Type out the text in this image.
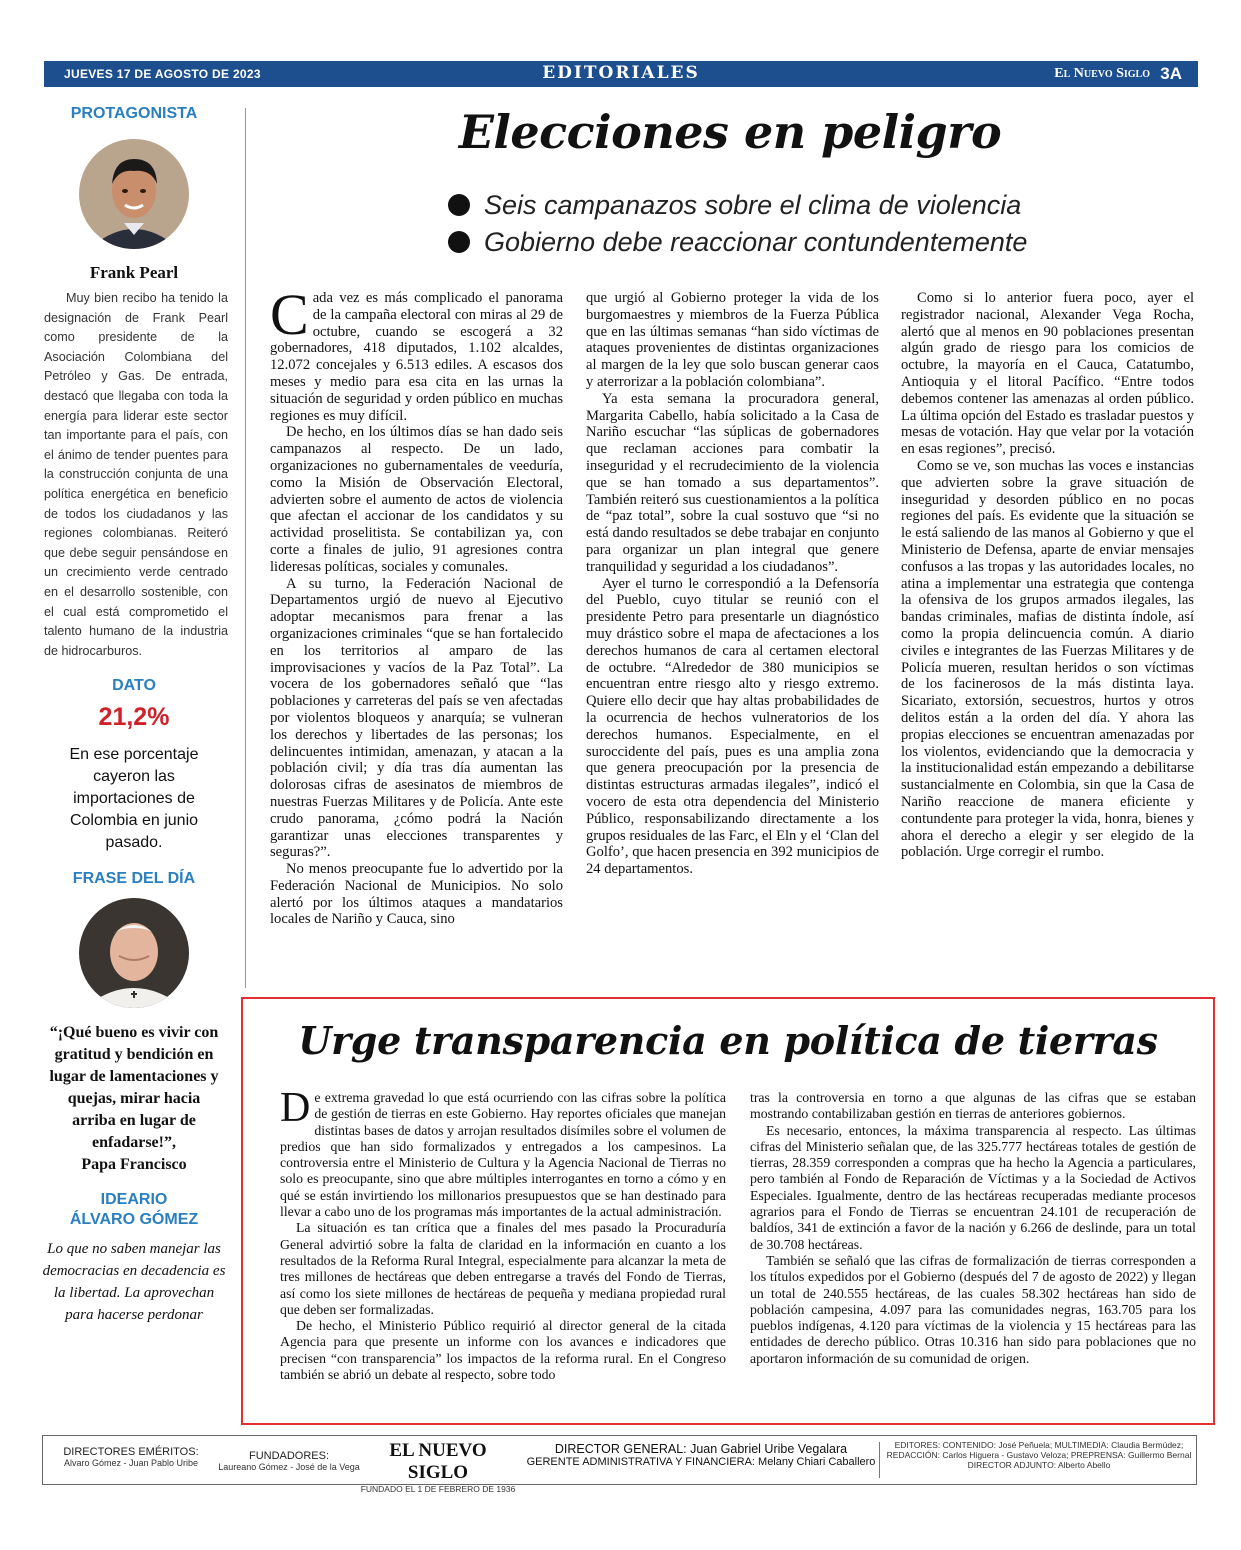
JUEVES 17 DE AGOSTO DE 2023	EDITORIALES	El Nuevo Siglo 3A
PROTAGONISTA
Frank Pearl
Muy bien recibo ha tenido la designación de Frank Pearl como presidente de la Asociación Colombiana del Petróleo y Gas. De entrada, destacó que llegaba con toda la energía para liderar este sector tan importante para el país, con el ánimo de tender puentes para la construcción conjunta de una política energética en beneficio de todos los ciudadanos y las regiones colombianas. Reiteró que debe seguir pensándose en un crecimiento verde centrado en el desarrollo sostenible, con el cual está comprometido el talento humano de la industria de hidrocarburos.
DATO
21,2%
En ese porcentaje cayeron las importaciones de Colombia en junio pasado.
FRASE DEL DÍA
“¡Qué bueno es vivir con gratitud y bendición en lugar de lamentaciones y quejas, mirar hacia arriba en lugar de enfadarse!”,
Papa Francisco
IDEARIO
ÁLVARO GÓMEZ
Lo que no saben manejar las democracias en decadencia es la libertad. La aprovechan para hacerse perdonar
Elecciones en peligro
Seis campanazos sobre el clima de violencia
Gobierno debe reaccionar contundentemente

Cada vez es más complicado el panorama de la campaña electoral con miras al 29 de octubre, cuando se escogerá a 32 gobernadores, 418 diputados, 1.102 alcaldes, 12.072 concejales y 6.513 ediles. A escasos dos meses y medio para esa cita en las urnas la situación de seguridad y orden público en muchas regiones es muy difícil.

De hecho, en los últimos días se han dado seis campanazos al respecto. De un lado, organizaciones no gubernamentales de veeduría, como la Misión de Observación Electoral, advierten sobre el aumento de actos de violencia que afectan el accionar de los candidatos y su actividad proselitista. Se contabilizan ya, con corte a finales de julio, 91 agresiones contra lideresas políticas, sociales y comunales.

A su turno, la Federación Nacional de Departamentos urgió de nuevo al Ejecutivo adoptar mecanismos para frenar a las organizaciones criminales “que se han fortalecido en los territorios al amparo de las improvisaciones y vacíos de la Paz Total”. La vocera de los gobernadores señaló que “las poblaciones y carreteras del país se ven afectadas por violentos bloqueos y anarquía; se vulneran los derechos y libertades de las personas; los delincuentes intimidan, amenazan, y atacan a la población civil; y día tras día aumentan las dolorosas cifras de asesinatos de miembros de nuestras Fuerzas Militares y de Policía. Ante este crudo panorama, ¿cómo podrá la Nación garantizar unas elecciones transparentes y seguras?”.

No menos preocupante fue lo advertido por la Federación Nacional de Municipios. No solo alertó por los últimos ataques a mandatarios locales de Nariño y Cauca, sino

que urgió al Gobierno proteger la vida de los burgomaestres y miembros de la Fuerza Pública que en las últimas semanas “han sido víctimas de ataques provenientes de distintas organizaciones al margen de la ley que solo buscan generar caos y aterrorizar a la población colombiana”.

Ya esta semana la procuradora general, Margarita Cabello, había solicitado a la Casa de Nariño escuchar “las súplicas de gobernadores que reclaman acciones para combatir la inseguridad y el recrudecimiento de la violencia que se han tomado a sus departamentos”. También reiteró sus cuestionamientos a la política de “paz total”, sobre la cual sostuvo que “si no está dando resultados se debe trabajar en conjunto para organizar un plan integral que genere tranquilidad y seguridad a los ciudadanos”.

Ayer el turno le correspondió a la Defensoría del Pueblo, cuyo titular se reunió con el presidente Petro para presentarle un diagnóstico muy drástico sobre el mapa de afectaciones a los derechos humanos de cara al certamen electoral de octubre. “Alrededor de 380 municipios se encuentran entre riesgo alto y riesgo extremo. Quiere ello decir que hay altas probabilidades de la ocurrencia de hechos vulneratorios de los derechos humanos. Especialmente, en el suroccidente del país, pues es una amplia zona que genera preocupación por la presencia de distintas estructuras armadas ilegales”, indicó el vocero de esta otra dependencia del Ministerio Público, responsabilizando directamente a los grupos residuales de las Farc, el Eln y el ‘Clan del Golfo’, que hacen presencia en 392 municipios de 24 departamentos.

Como si lo anterior fuera poco, ayer el registrador nacional, Alexander Vega Rocha, alertó que al menos en 90 poblaciones presentan algún grado de riesgo para los comicios de octubre, la mayoría en el Cauca, Catatumbo, Antioquia y el litoral Pacífico. “Entre todos debemos contener las amenazas al orden público. La última opción del Estado es trasladar puestos y mesas de votación. Hay que velar por la votación en esas regiones”, precisó.

Como se ve, son muchas las voces e instancias que advierten sobre la grave situación de inseguridad y desorden público en no pocas regiones del país. Es evidente que la situación se le está saliendo de las manos al Gobierno y que el Ministerio de Defensa, aparte de enviar mensajes confusos a las tropas y las autoridades locales, no atina a implementar una estrategia que contenga la ofensiva de los grupos armados ilegales, las bandas criminales, mafias de distinta índole, así como la propia delincuencia común. A diario civiles e integrantes de las Fuerzas Militares y de Policía mueren, resultan heridos o son víctimas de los facinerosos de la más distinta laya. Sicariato, extorsión, secuestros, hurtos y otros delitos están a la orden del día. Y ahora las propias elecciones se encuentran amenazadas por los violentos, evidenciando que la democracia y la institucionalidad están empezando a debilitarse sustancialmente en Colombia, sin que la Casa de Nariño reaccione de manera eficiente y contundente para proteger la vida, honra, bienes y ahora el derecho a elegir y ser elegido de la población. Urge corregir el rumbo.

Urge transparencia en política de tierras

De extrema gravedad lo que está ocurriendo con las cifras sobre la política de gestión de tierras en este Gobierno. Hay reportes oficiales que manejan distintas bases de datos y arrojan resultados disímiles sobre el volumen de predios que han sido formalizados y entregados a los campesinos. La controversia entre el Ministerio de Cultura y la Agencia Nacional de Tierras no solo es preocupante, sino que abre múltiples interrogantes en torno a cómo y en qué se están invirtiendo los millonarios presupuestos que se han destinado para llevar a cabo uno de los programas más importantes de la actual administración.

La situación es tan crítica que a finales del mes pasado la Procuraduría General advirtió sobre la falta de claridad en la información en cuanto a los resultados de la Reforma Rural Integral, especialmente para alcanzar la meta de tres millones de hectáreas que deben entregarse a través del Fondo de Tierras, así como los siete millones de hectáreas de pequeña y mediana propiedad rural que deben ser formalizadas.

De hecho, el Ministerio Público requirió al director general de la citada Agencia para que presente un informe con los avances e indicadores que precisen “con transparencia” los impactos de la reforma rural. En el Congreso también se abrió un debate al respecto, sobre todo

tras la controversia en torno a que algunas de las cifras que se estaban mostrando contabilizaban gestión en tierras de anteriores gobiernos.

Es necesario, entonces, la máxima transparencia al respecto. Las últimas cifras del Ministerio señalan que, de las 325.777 hectáreas totales de gestión de tierras, 28.359 corresponden a compras que ha hecho la Agencia a particulares, pero también al Fondo de Reparación de Víctimas y a la Sociedad de Activos Especiales. Igualmente, dentro de las hectáreas recuperadas mediante procesos agrarios para el Fondo de Tierras se encuentran 24.101 de recuperación de baldíos, 341 de extinción a favor de la nación y 6.266 de deslinde, para un total de 30.708 hectáreas.

También se señaló que las cifras de formalización de tierras corresponden a los títulos expedidos por el Gobierno (después del 7 de agosto de 2022) y llegan un total de 240.555 hectáreas, de las cuales 58.302 hectáreas han sido de población campesina, 4.097 para las comunidades negras, 163.705 para los pueblos indígenas, 4.120 para víctimas de la violencia y 15 hectáreas para las entidades de derecho público. Otras 10.316 han sido para poblaciones que no aportaron información de su comunidad de origen.

DIRECTORES EMÉRITOS:
Alvaro Gómez - Juan Pablo Uribe
FUNDADORES:
Laureano Gómez - José de la Vega
EL NUEVO SIGLO
FUNDADO EL 1 DE FEBRERO DE 1936
DIRECTOR GENERAL: Juan Gabriel Uribe Vegalara
GERENTE ADMINISTRATIVA Y FINANCIERA: Melany Chiari Caballero
EDITORES: CONTENIDO: José Peñuela; MULTIMEDIA: Claudia Bermúdez;
REDACCIÓN: Carlos Higuera - Gustavo Veloza; PREPRENSA: Guillermo Bernal
DIRECTOR ADJUNTO: Alberto Abello
